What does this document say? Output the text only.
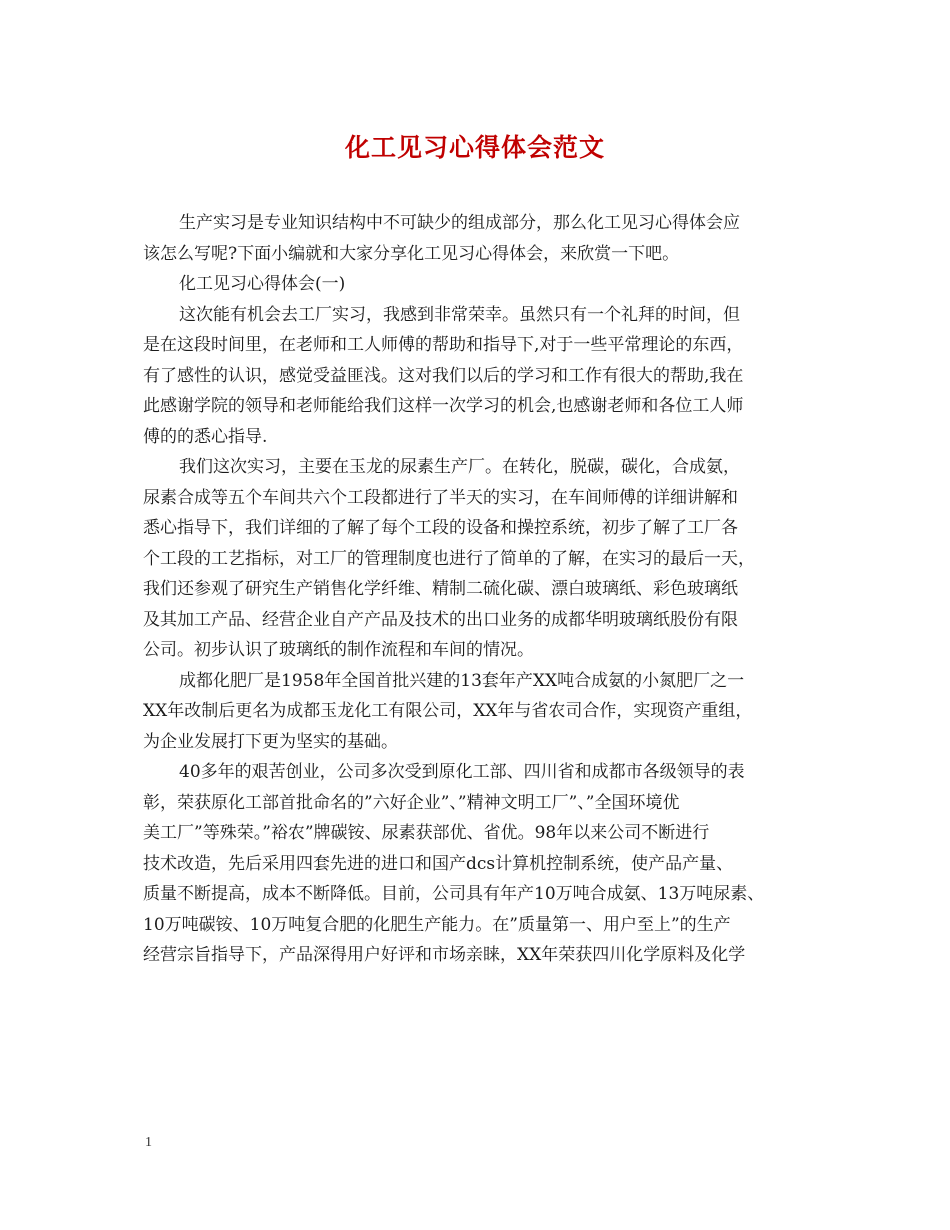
化工见习心得体会范文
生产实习是专业知识结构中不可缺少的组成部分，那么化工见习心得体会应
该怎么写呢?下面小编就和大家分享化工见习心得体会，来欣赏一下吧。
化工见习心得体会(一)
这次能有机会去工厂实习，我感到非常荣幸。虽然只有一个礼拜的时间，但
是在这段时间里，在老师和工人师傅的帮助和指导下,对于一些平常理论的东西，
有了感性的认识，感觉受益匪浅。这对我们以后的学习和工作有很大的帮助,我在
此感谢学院的领导和老师能给我们这样一次学习的机会,也感谢老师和各位工人师
傅的的悉心指导.
我们这次实习，主要在玉龙的尿素生产厂。在转化，脱碳，碳化，合成氨，
尿素合成等五个车间共六个工段都进行了半天的实习，在车间师傅的详细讲解和
悉心指导下，我们详细的了解了每个工段的设备和操控系统，初步了解了工厂各
个工段的工艺指标，对工厂的管理制度也进行了简单的了解，在实习的最后一天，
我们还参观了研究生产销售化学纤维、精制二硫化碳、漂白玻璃纸、彩色玻璃纸
及其加工产品、经营企业自产产品及技术的出口业务的成都华明玻璃纸股份有限
公司。初步认识了玻璃纸的制作流程和车间的情况。
成都化肥厂是1958年全国首批兴建的13套年产XX吨合成氨的小氮肥厂之一
XX年改制后更名为成都玉龙化工有限公司，XX年与省农司合作，实现资产重组，
为企业发展打下更为坚实的基础。
40多年的艰苦创业，公司多次受到原化工部、四川省和成都市各级领导的表
彰，荣获原化工部首批命名的”六好企业”、”精神文明工厂”、”全国环境优
美工厂”等殊荣。”裕农”牌碳铵、尿素获部优、省优。98年以来公司不断进行
技术改造，先后采用四套先进的进口和国产dcs计算机控制系统，使产品产量、
质量不断提高，成本不断降低。目前，公司具有年产10万吨合成氨、13万吨尿素、
10万吨碳铵、10万吨复合肥的化肥生产能力。在”质量第一、用户至上”的生产
经营宗旨指导下，产品深得用户好评和市场亲睐，XX年荣获四川化学原料及化学
1
